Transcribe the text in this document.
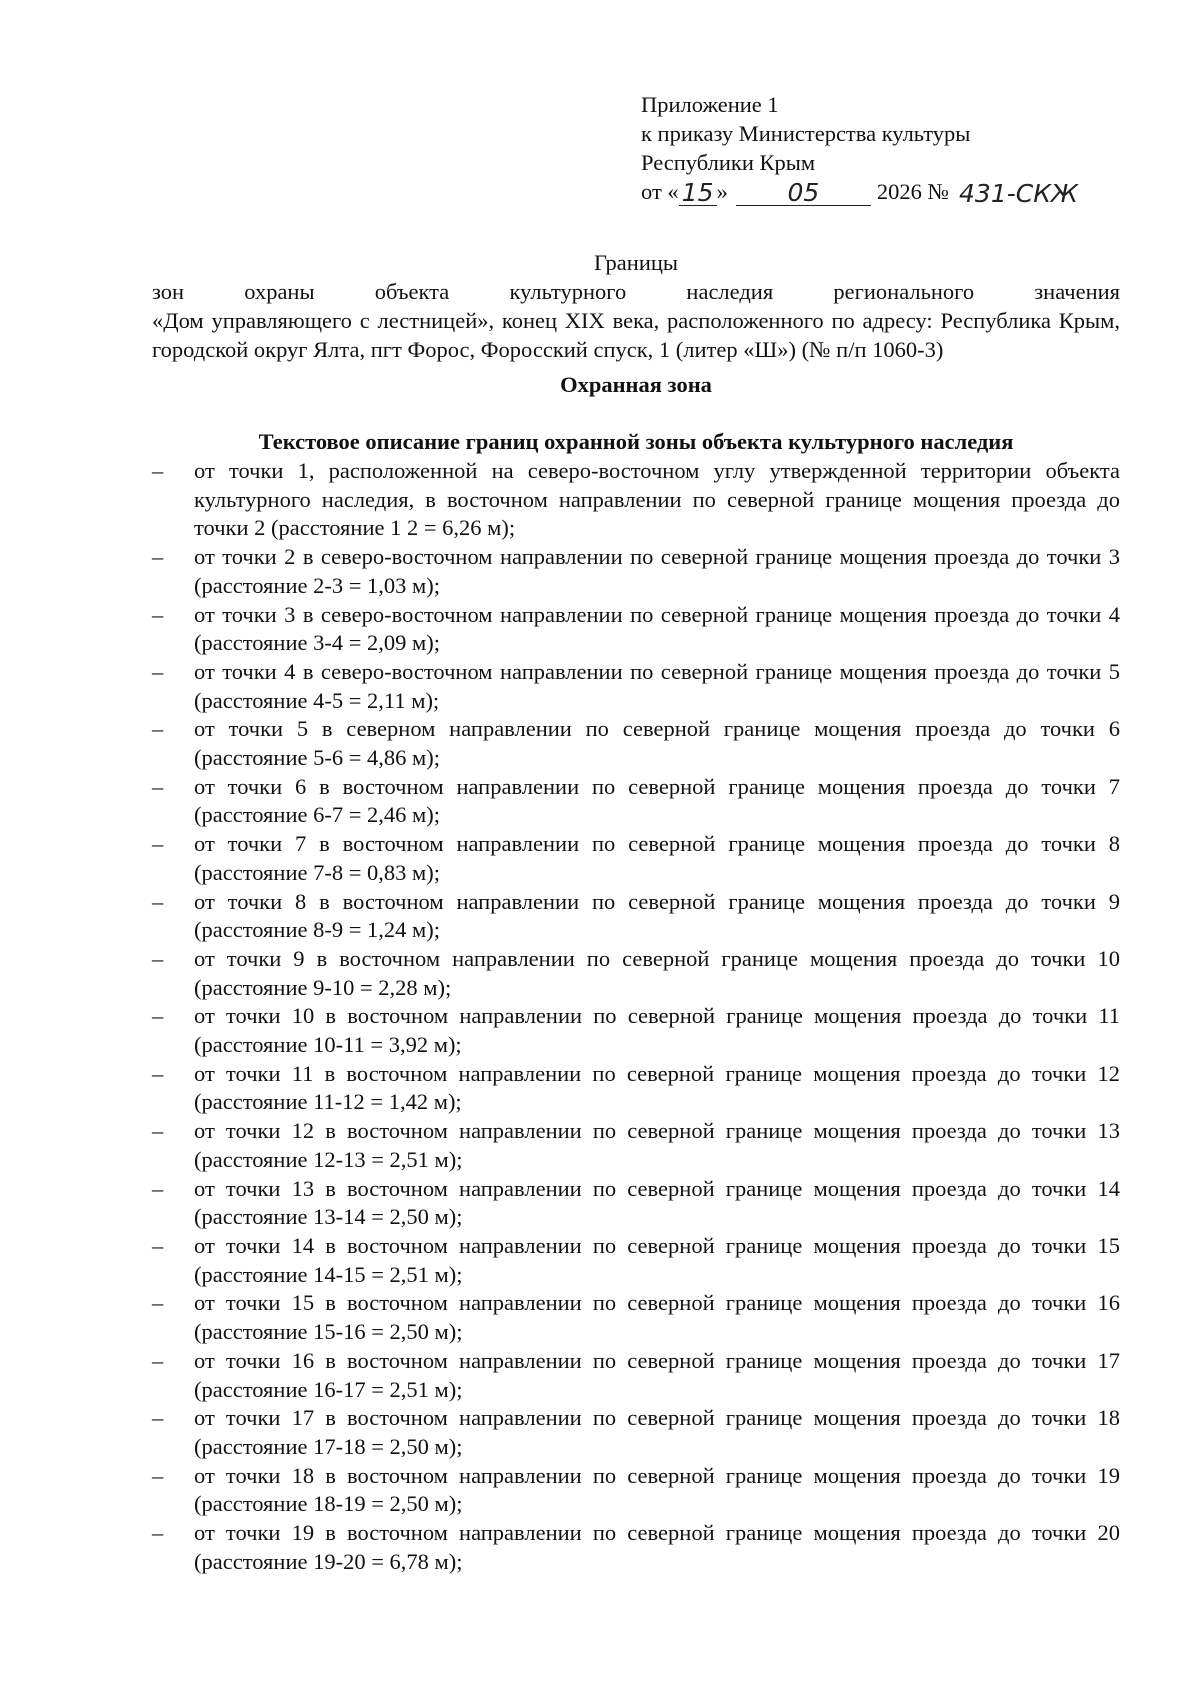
Приложение 1
к приказу Министерства культуры
Республики Крым
от « 15 »	05	2026 № 431-СКЖ
Границы
зон	охраны	объекта	культурного	наследия	регионального	значения
«Дом управляющего с лестницей», конец XIX века, расположенного по адресу: Республика Крым, городской округ Ялта, пгт Форос, Форосский спуск, 1 (литер «Ш») (№ п/п 1060-3)
Охранная зона
Текстовое описание границ охранной зоны объекта культурного наследия
–	от точки 1, расположенной на северо-восточном углу утвержденной территории объекта культурного наследия, в восточном направлении по северной границе мощения проезда до точки 2 (расстояние 1 2 = 6,26 м);
–	от точки 2 в северо-восточном направлении по северной границе мощения проезда до точки 3 (расстояние 2-3 = 1,03 м);
–	от точки 3 в северо-восточном направлении по северной границе мощения проезда до точки 4 (расстояние 3-4 = 2,09 м);
–	от точки 4 в северо-восточном направлении по северной границе мощения проезда до точки 5 (расстояние 4-5 = 2,11 м);
–	от точки 5 в северном направлении по северной границе мощения проезда до точки 6 (расстояние 5-6 = 4,86 м);
–	от точки 6 в восточном направлении по северной границе мощения проезда до точки 7 (расстояние 6-7 = 2,46 м);
–	от точки 7 в восточном направлении по северной границе мощения проезда до точки 8 (расстояние 7-8 = 0,83 м);
–	от точки 8 в восточном направлении по северной границе мощения проезда до точки 9 (расстояние 8-9 = 1,24 м);
–	от точки 9 в восточном направлении по северной границе мощения проезда до точки 10 (расстояние 9-10 = 2,28 м);
–	от точки 10 в восточном направлении по северной границе мощения проезда до точки 11 (расстояние 10-11 = 3,92 м);
–	от точки 11 в восточном направлении по северной границе мощения проезда до точки 12 (расстояние 11-12 = 1,42 м);
–	от точки 12 в восточном направлении по северной границе мощения проезда до точки 13 (расстояние 12-13 = 2,51 м);
–	от точки 13 в восточном направлении по северной границе мощения проезда до точки 14 (расстояние 13-14 = 2,50 м);
–	от точки 14 в восточном направлении по северной границе мощения проезда до точки 15 (расстояние 14-15 = 2,51 м);
–	от точки 15 в восточном направлении по северной границе мощения проезда до точки 16 (расстояние 15-16 = 2,50 м);
–	от точки 16 в восточном направлении по северной границе мощения проезда до точки 17 (расстояние 16-17 = 2,51 м);
–	от точки 17 в восточном направлении по северной границе мощения проезда до точки 18 (расстояние 17-18 = 2,50 м);
–	от точки 18 в восточном направлении по северной границе мощения проезда до точки 19 (расстояние 18-19 = 2,50 м);
–	от точки 19 в восточном направлении по северной границе мощения проезда до точки 20 (расстояние 19-20 = 6,78 м);
